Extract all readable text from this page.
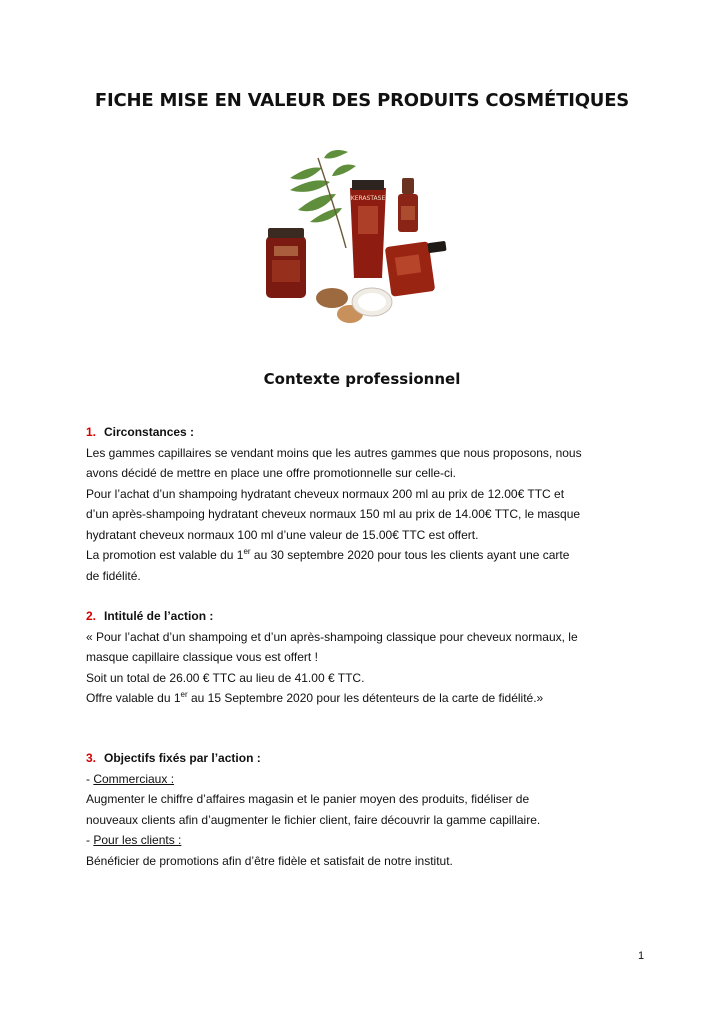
FICHE MISE EN VALEUR DES PRODUITS COSMÉTIQUES
KERASTASE
Contexte professionnel

1. Circonstances :

Les gammes capillaires se vendant moins que les autres gammes que nous proposons, nous

avons décidé de mettre en place une offre promotionnelle sur celle-ci.

Pour l’achat d’un shampoing hydratant cheveux normaux 200 ml au prix de 12.00€ TTC et

d’un après-shampoing hydratant cheveux normaux 150 ml au prix de 14.00€ TTC, le masque

hydratant cheveux normaux 100 ml d’une valeur de 15.00€ TTC est offert.

La promotion est valable du 1er au 30 septembre 2020 pour tous les clients ayant une carte

de fidélité.

2. Intitulé de l’action :

« Pour l’achat d’un shampoing et d’un après-shampoing classique pour cheveux normaux, le

masque capillaire classique vous est offert !

Soit un total de 26.00 € TTC au lieu de 41.00 € TTC.

Offre valable du 1er au 15 Septembre 2020 pour les détenteurs de la carte de fidélité.»

3. Objectifs fixés par l’action :

- Commerciaux :

Augmenter le chiffre d’affaires magasin et le panier moyen des produits, fidéliser de

nouveaux clients afin d’augmenter le fichier client, faire découvrir la gamme capillaire.

- Pour les clients :

Bénéficier de promotions afin d’être fidèle et satisfait de notre institut.

1
